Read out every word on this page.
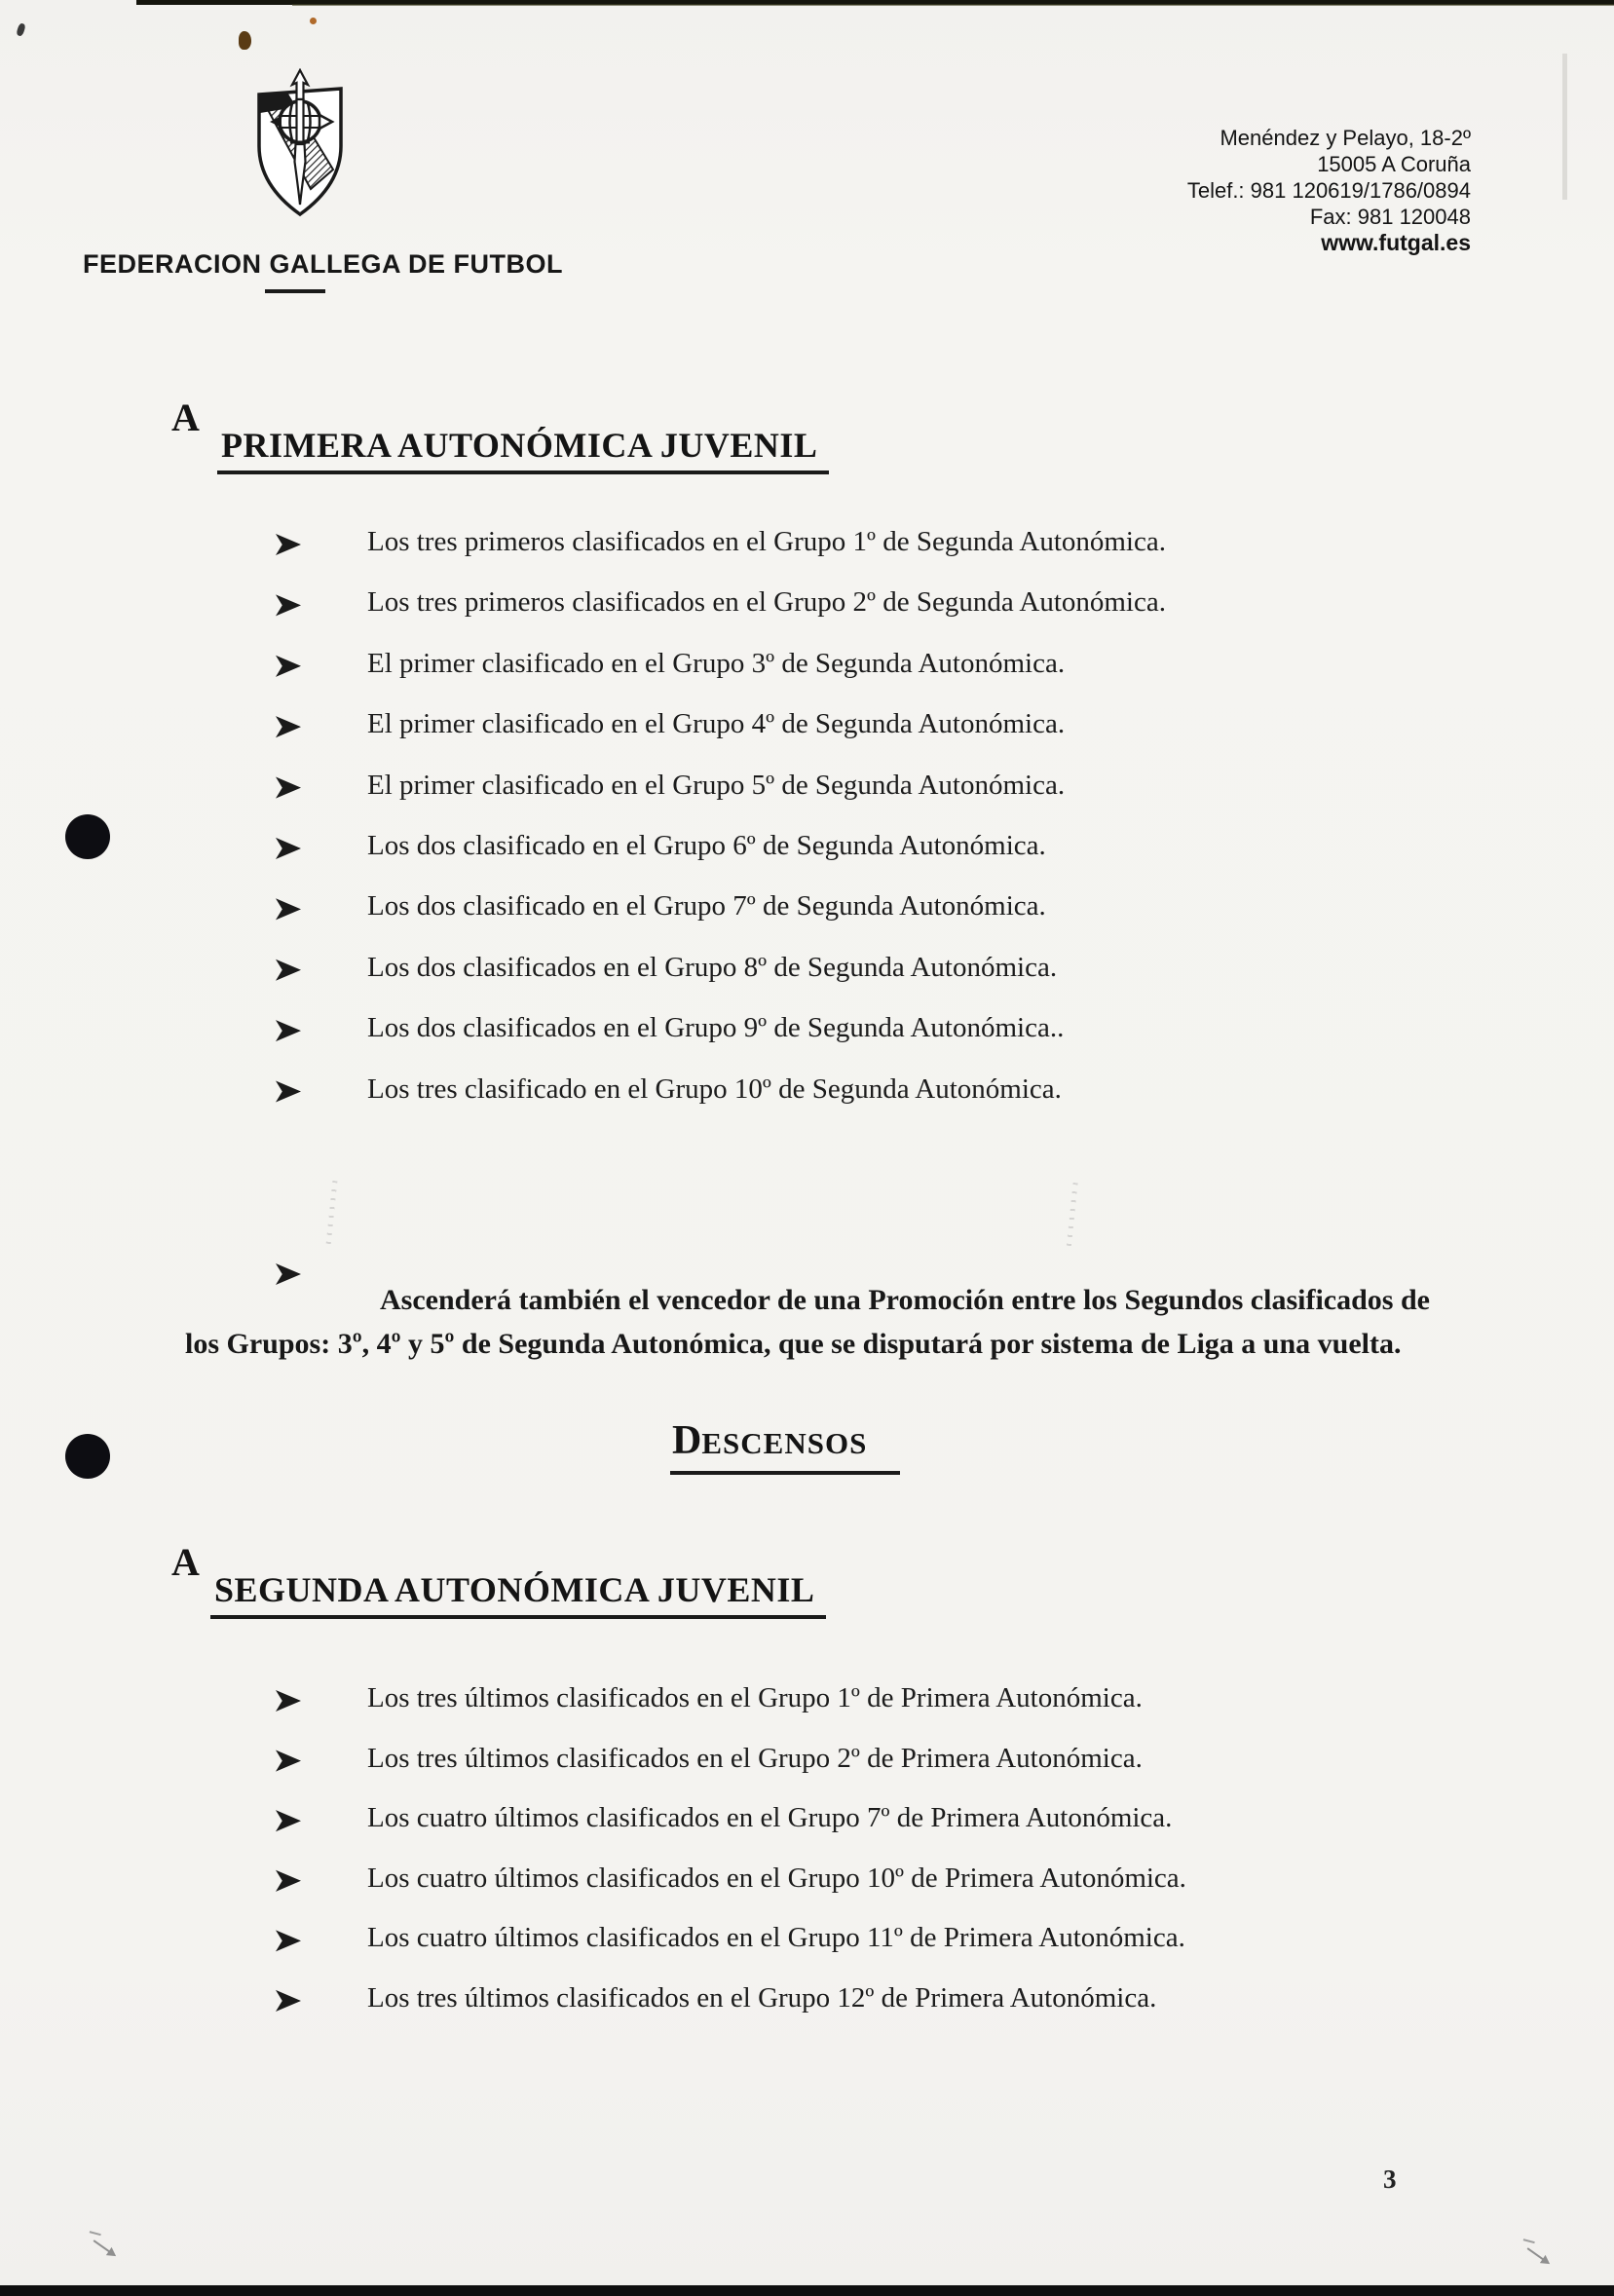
FEDERACION GALLEGA DE FUTBOL
Menéndez y Pelayo, 18-2º
15005 A Coruña
Telef.: 981 120619/1786/0894
Fax: 981 120048
www.futgal.es
A
PRIMERA AUTONÓMICA JUVENIL
Los tres primeros clasificados en el Grupo 1º de Segunda Autonómica.
Los tres primeros clasificados en el Grupo 2º de Segunda Autonómica.
El primer clasificado en el Grupo 3º de Segunda Autonómica.
El primer clasificado en el Grupo 4º de Segunda Autonómica.
El primer clasificado en el Grupo 5º de Segunda Autonómica.
Los dos clasificado en el Grupo 6º de Segunda Autonómica.
Los dos clasificado en el Grupo 7º de Segunda Autonómica.
Los dos clasificados en el Grupo 8º de Segunda Autonómica.
Los dos clasificados en el Grupo 9º de Segunda Autonómica..
Los tres clasificado en el Grupo 10º de Segunda Autonómica.

Ascenderá también el vencedor de una Promoción entre los Segundos clasificados de los Grupos: 3º, 4º y 5º de Segunda Autonómica, que se disputará por sistema de Liga a una vuelta.

DESCENSOS
A
SEGUNDA AUTONÓMICA JUVENIL
Los tres últimos clasificados en el Grupo 1º de Primera Autonómica.
Los tres últimos clasificados en el Grupo 2º de Primera Autonómica.
Los cuatro últimos clasificados en el Grupo 7º de Primera Autonómica.
Los cuatro últimos clasificados en el Grupo 10º de Primera Autonómica.
Los cuatro últimos clasificados en el Grupo 11º de Primera Autonómica.
Los tres últimos clasificados en el Grupo 12º de Primera Autonómica.
3
